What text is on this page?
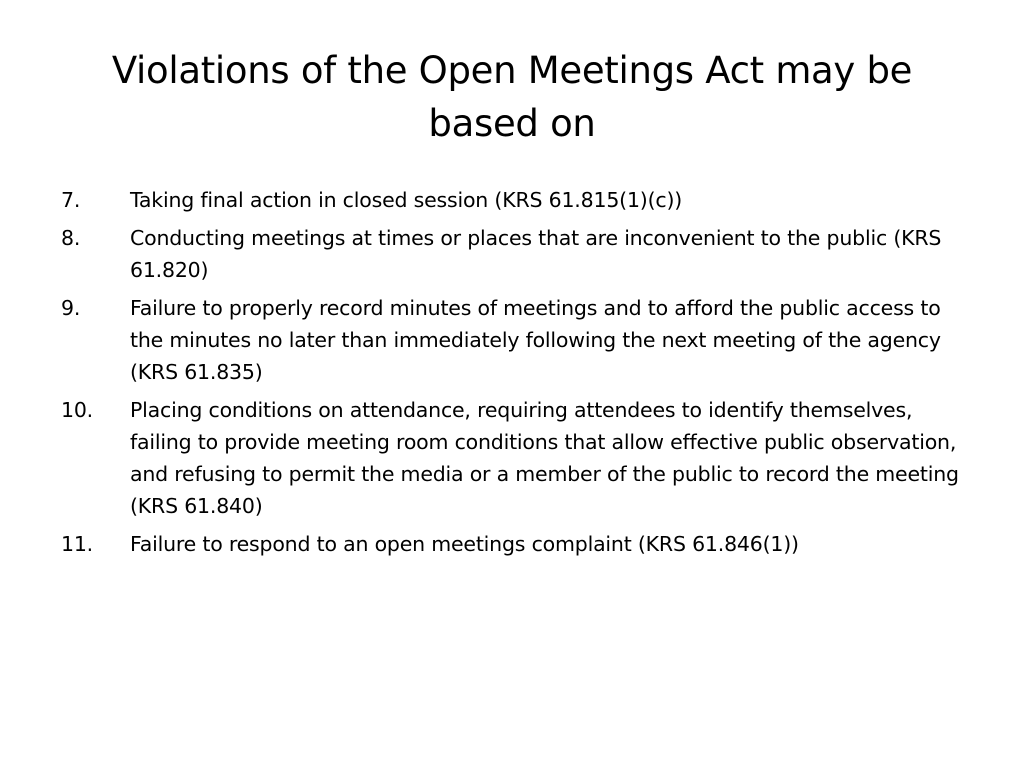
Violations of the Open Meetings Act may be based on
7.	Taking final action in closed session (KRS 61.815(1)(c))
8.	Conducting meetings at times or places that are inconvenient to the public (KRS 61.820)
9.	Failure to properly record minutes of meetings and to afford the public access to the minutes no later than immediately following the next meeting of the agency (KRS 61.835)
10.	Placing conditions on attendance, requiring attendees to identify themselves, failing to provide meeting room conditions that allow effective public observation, and refusing to permit the media or a member of the public to record the meeting (KRS 61.840)
11.	Failure to respond to an open meetings complaint (KRS 61.846(1))
